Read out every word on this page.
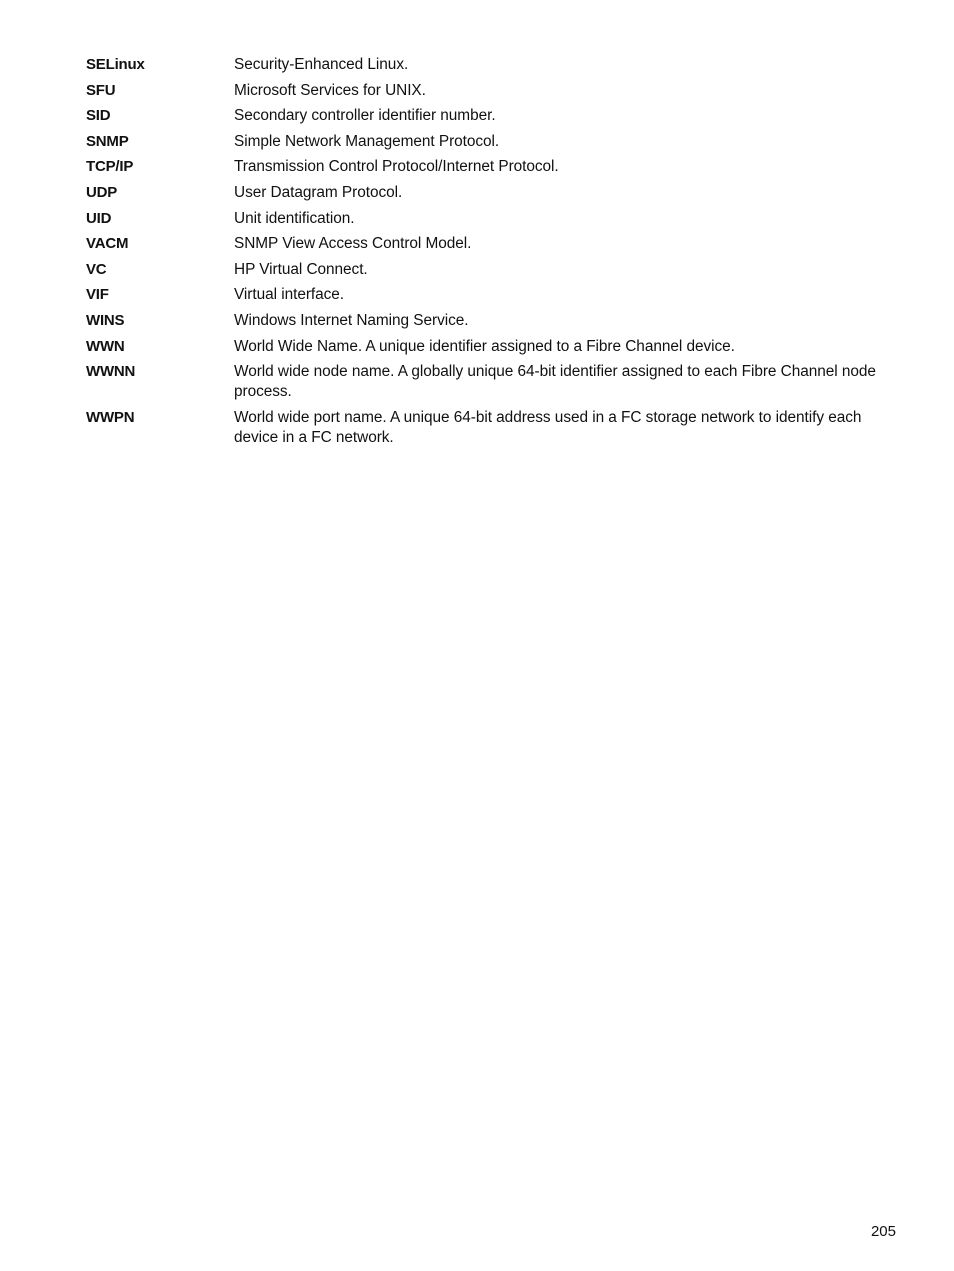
SELinux	Security-Enhanced Linux.
SFU	Microsoft Services for UNIX.
SID	Secondary controller identifier number.
SNMP	Simple Network Management Protocol.
TCP/IP	Transmission Control Protocol/Internet Protocol.
UDP	User Datagram Protocol.
UID	Unit identification.
VACM	SNMP View Access Control Model.
VC	HP Virtual Connect.
VIF	Virtual interface.
WINS	Windows Internet Naming Service.
WWN	World Wide Name. A unique identifier assigned to a Fibre Channel device.
WWNN	World wide node name. A globally unique 64-bit identifier assigned to each Fibre Channel node process.
WWPN	World wide port name. A unique 64-bit address used in a FC storage network to identify each device in a FC network.
205
